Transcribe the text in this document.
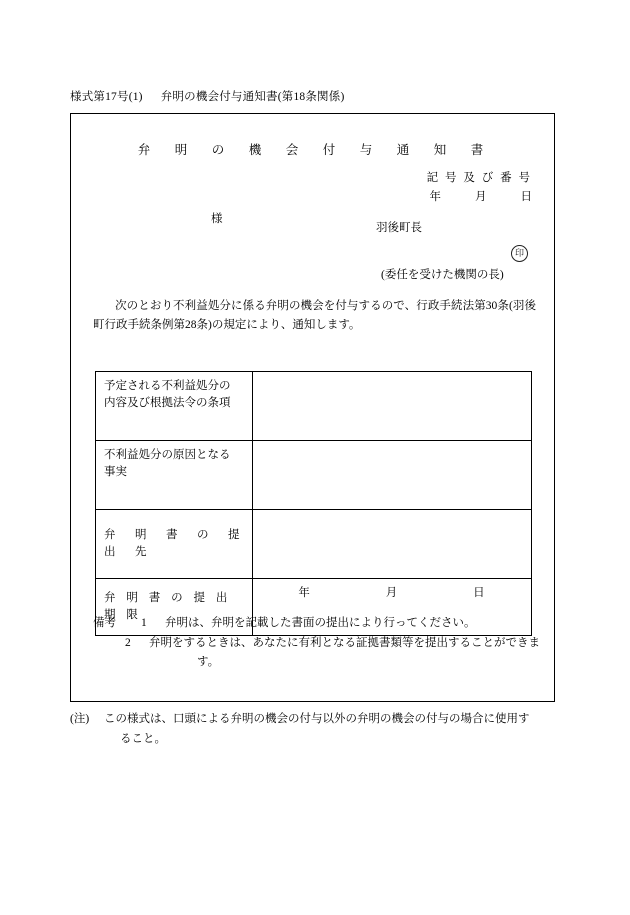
様式第17号(1) 弁明の機会付与通知書(第18条関係)
弁　明　の　機　会　付　与　通　知　書
記 号 及 び 番 号
年	月	日
様
羽後町長
印
(委任を受けた機関の長)
次のとおり不利益処分に係る弁明の機会を付与するので、行政手続法第30条(羽後町行政手続条例第28条)の規定により、通知します。
予定される不利益処分の
内容及び根拠法令の条項	

不利益処分の原因となる
事実	

弁　明　書　の　提　出　先	
弁 明 書 の 提 出 期 限	年 月 日
備考	1	弁明は、弁明を記載した書面の提出により行ってください。
2	弁明をするときは、あなたに有利となる証拠書類等を提出することができま
す。
(注) この様式は、口頭による弁明の機会の付与以外の弁明の機会の付与の場合に使用す
ること。
